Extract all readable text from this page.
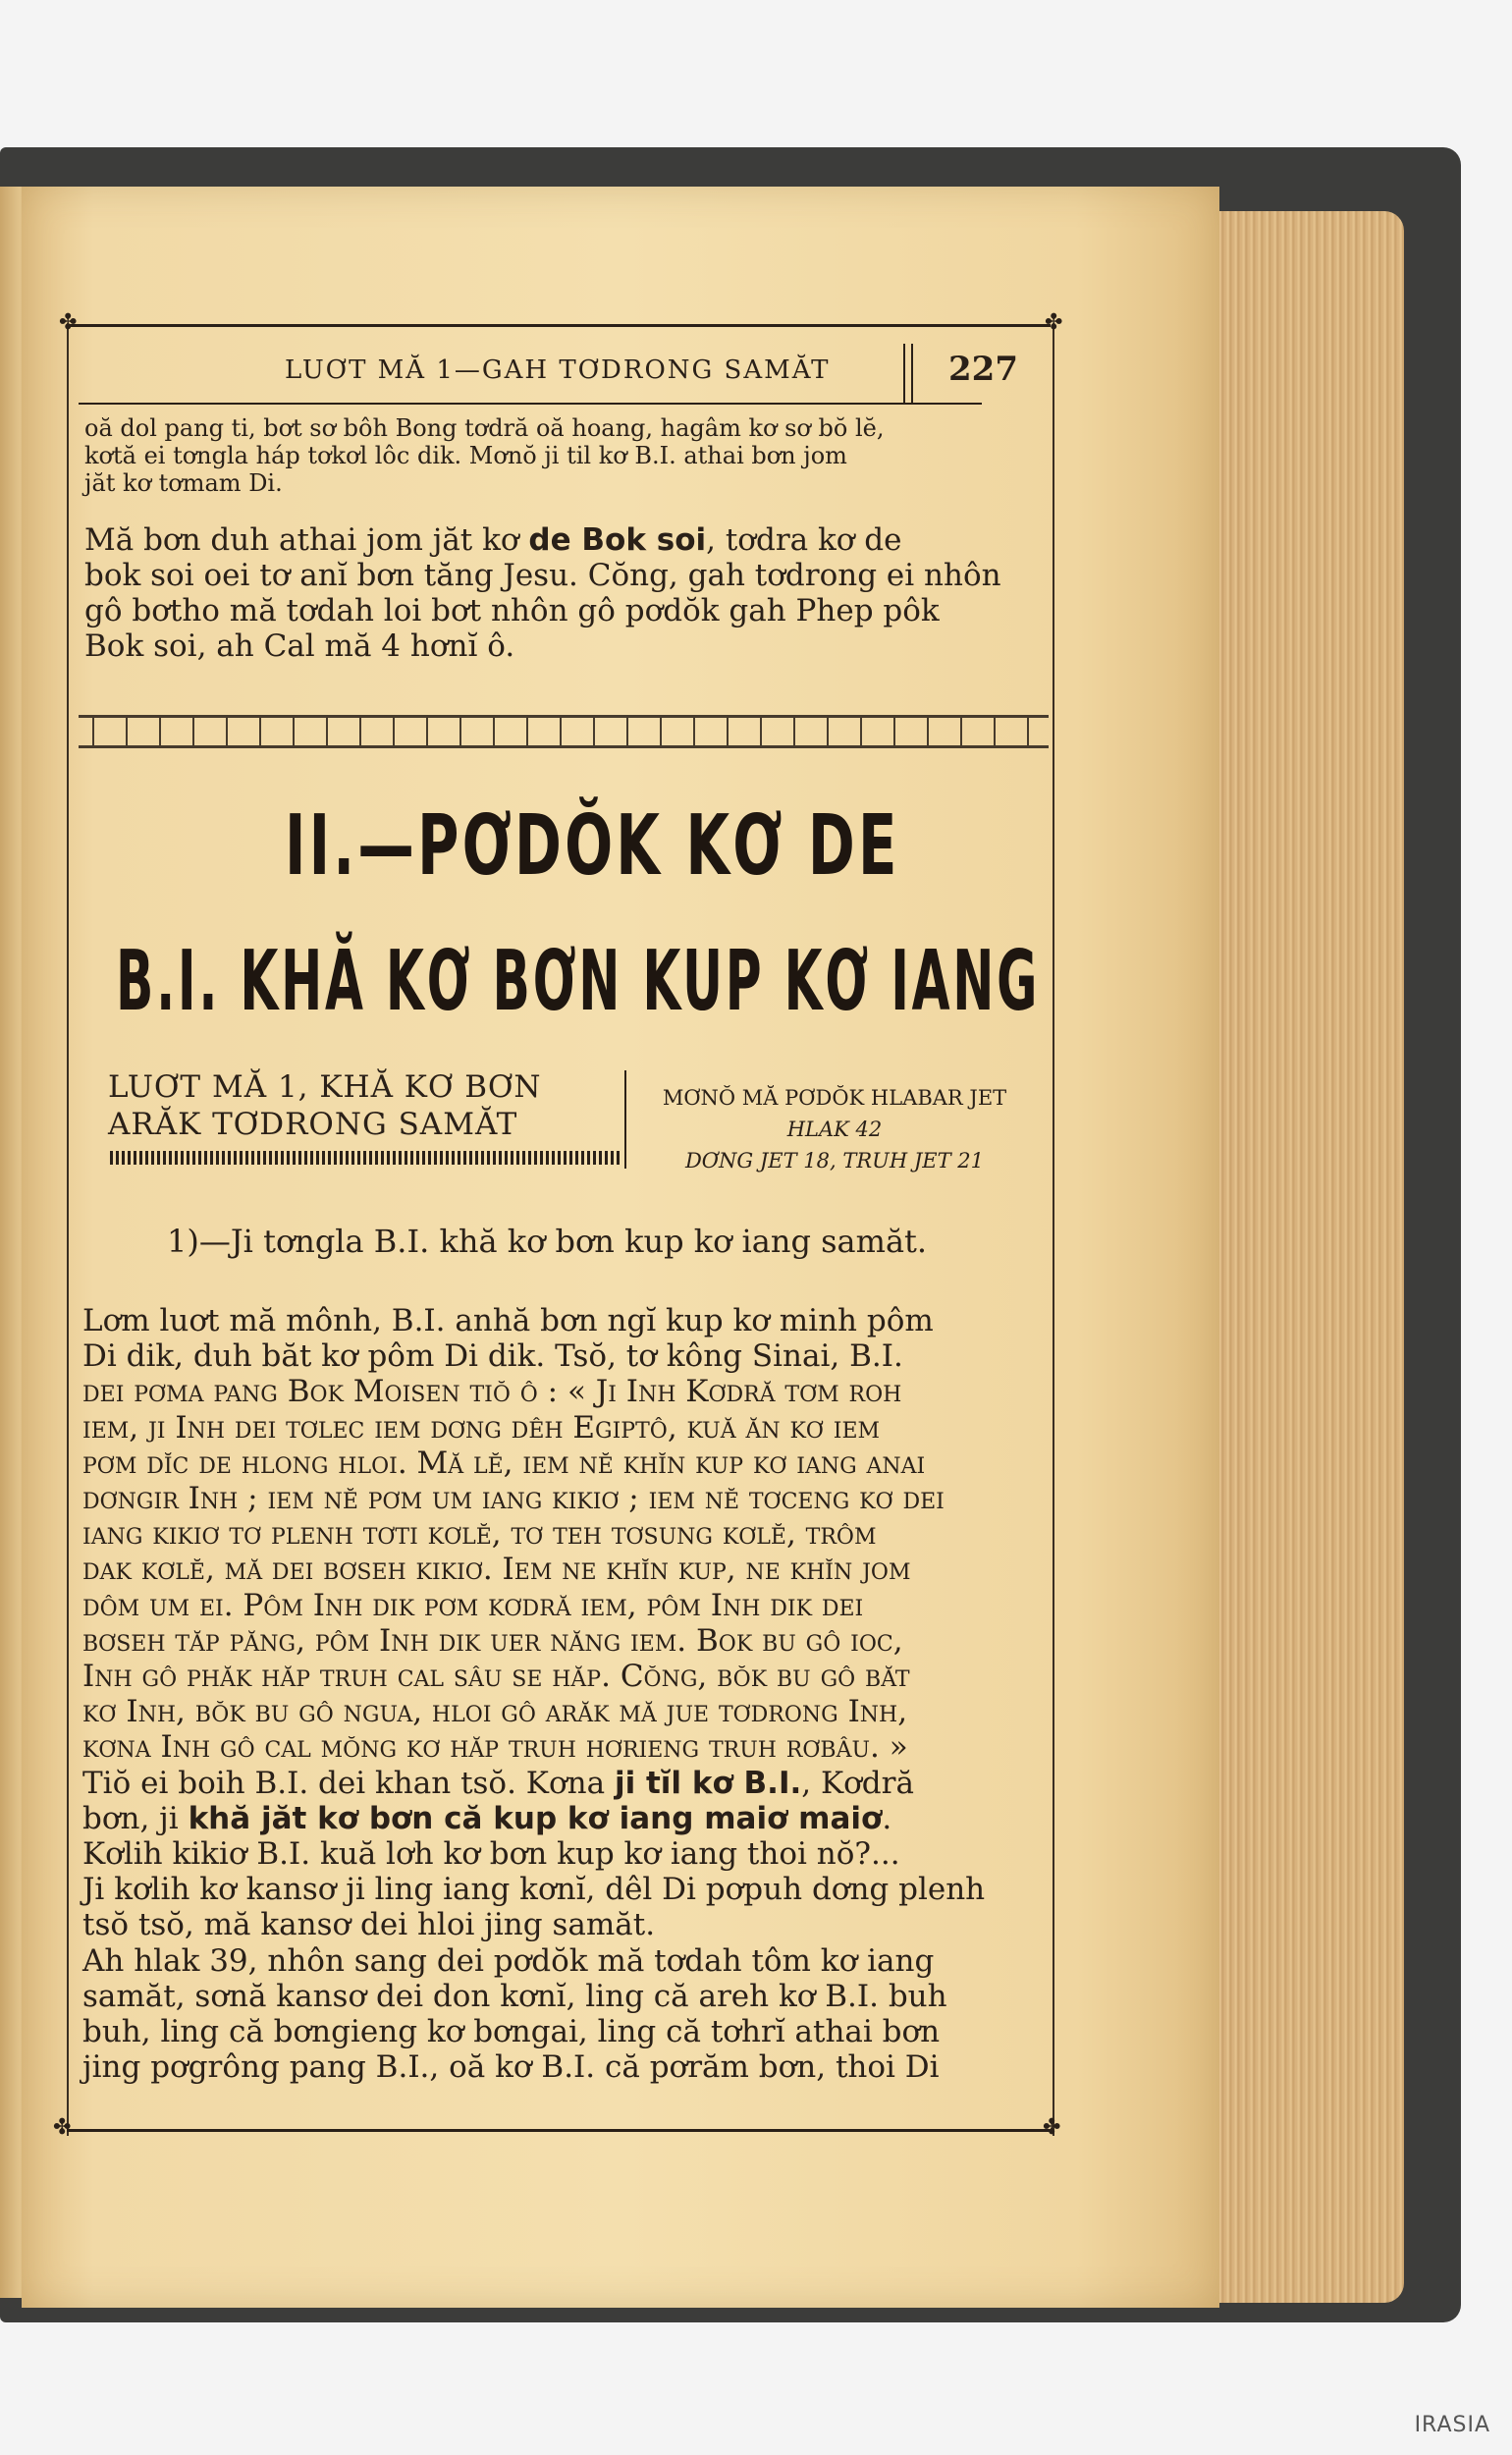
✤	✤
✤	✤
LUƠT MĂ 1—GAH TƠDRONG SAMĂT	227
oă dol pang ti, bơt sơ bôh Bong tơdră oă hoang, hagâm kơ sơ bŏ lĕ,
kơtă ei tơngla háp tơkơl lôc dik. Mơnŏ ji til kơ B.I. athai bơn jom
jăt kơ tơmam Di.
Mă bơn duh athai jom jăt kơ de Bok soi, tơdra kơ de
bok soi oei tơ anĭ bơn tăng Jesu. Cŏng, gah tơdrong ei nhôn
gô bơtho mă tơdah loi bơt nhôn gô pơdŏk gah Phep pôk
Bok soi, ah Cal mă 4 hơnĭ ô.
II.—PƠDŎK KƠ DE
B.I. KHĂ KƠ BƠN KUP KƠ IANG
LUƠT MĂ 1, KHĂ KƠ BƠN
ARĂK TƠDRONG SAMĂT
MƠNŎ MĂ PƠDŎK HLABAR JET
HLAK 42
DƠNG JET 18, TRUH JET 21
1)—Ji tơngla B.I. khă kơ bơn kup kơ iang samăt.
Lơm luơt mă mônh, B.I. anhă bơn ngĭ kup kơ minh pôm
Di dik, duh băt kơ pôm Di dik. Tsŏ, tơ kông Sinai, B.I.
dei pơma pang Bok Moisen tiŏ ô : « Ji Inh Kơdră tơm roh
iem, ji Inh dei tơlec iem dơng dêh Egiptô, kuă ăn kơ iem
pơm dĭc de hlong hloi. Mă lĕ, iem nĕ khĭn kup kơ iang anai
dơngir Inh ; iem nĕ pơm um iang kikiơ ; iem nĕ tơceng kơ dei
iang kikiơ tơ plenh tơti kơlĕ, tơ teh tơsung kơlĕ, trôm
dak kơlĕ, mă dei bơseh kikiơ. Iem ne khĭn kup, ne khĭn jom
dôm um ei. Pôm Inh dik pơm kơdră iem, pôm Inh dik dei
bơseh tăp păng, pôm Inh dik uer năng iem. Bok bu gô ioc,
Inh gô phăk hăp truh cal sâu se hăp. Cŏng, bŏk bu gô băt
kơ Inh, bŏk bu gô ngua, hloi gô arăk mă jue tơdrong Inh,
kơna Inh gô cal mŏng kơ hăp truh hơrieng truh rơbâu. »
Tiŏ ei boih B.I. dei khan tsŏ. Kơna ji tĭl kơ B.I., Kơdră
bơn, ji khă jăt kơ bơn că kup kơ iang maiơ maiơ.
Kơlih kikiơ B.I. kuă lơh kơ bơn kup kơ iang thoi nŏ?...
Ji kơlih kơ kansơ ji ling iang kơnĭ, dêl Di pơpuh dơng plenh
tsŏ tsŏ, mă kansơ dei hloi jing samăt.
Ah hlak 39, nhôn sang dei pơdŏk mă tơdah tôm kơ iang
samăt, sơnă kansơ dei don kơnĭ, ling că areh kơ B.I. buh
buh, ling că bơngieng kơ bơngai, ling că tơhrĭ athai bơn
jing pơgrông pang B.I., oă kơ B.I. că pơrăm bơn, thoi Di
IRASIA
